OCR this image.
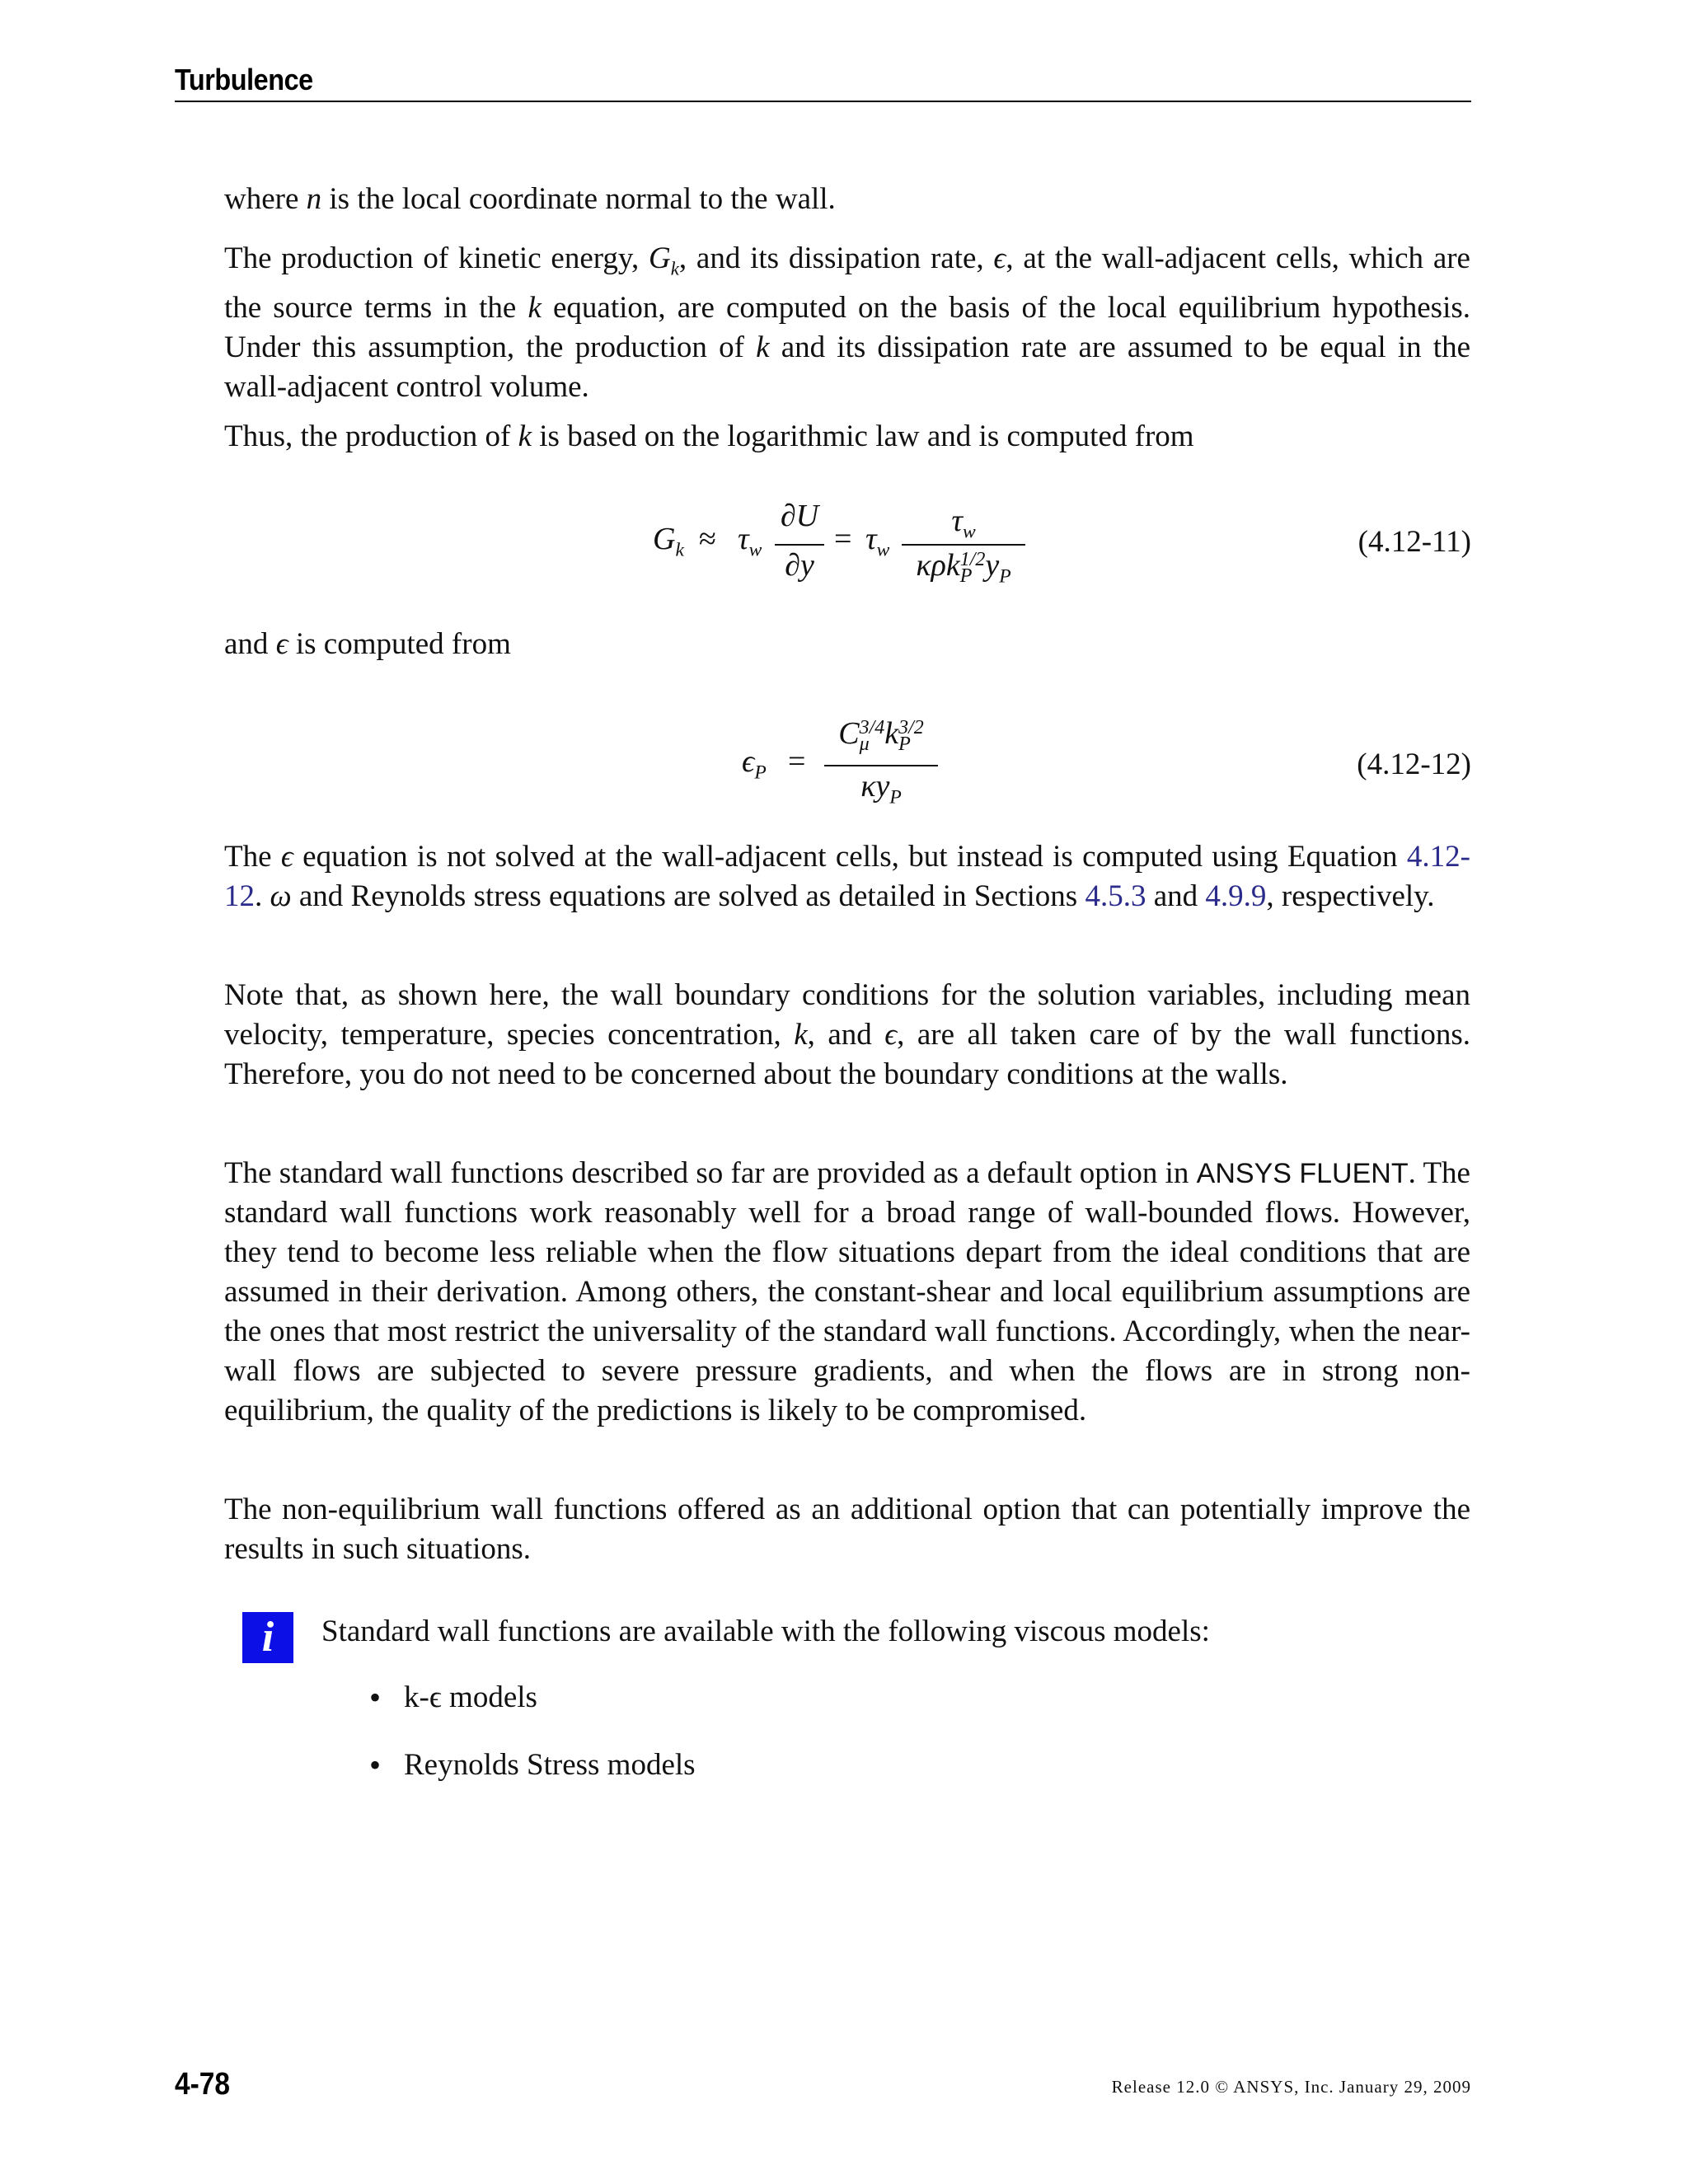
Turbulence

where n is the local coordinate normal to the wall.

The production of kinetic energy, $G_k$, and its dissipation rate, ϵ, at the wall-adjacent cells, which are the source terms in the k equation, are computed on the basis of the local equilibrium hypothesis. Under this assumption, the production of k and its dissipation rate are assumed to be equal in the wall-adjacent control volume.

Thus, the production of k is based on the logarithmic law and is computed from

$G_k \approx \tau_w$
∂U
∂y
= $\tau_w$
$\tau_w$
κρk 1/2
P $y_P$
(4.12-11)

and ϵ is computed from

$\epsilon_P$ =
C 3/4
μ k 3/2
P
$\kappa y_P$
(4.12-12)

The ϵ equation is not solved at the wall-adjacent cells, but instead is computed using Equation 4.12-12. ω and Reynolds stress equations are solved as detailed in Sections 4.5.3 and 4.9.9, respectively.

Note that, as shown here, the wall boundary conditions for the solution variables, including mean velocity, temperature, species concentration, k, and ϵ, are all taken care of by the wall functions. Therefore, you do not need to be concerned about the boundary conditions at the walls.

The standard wall functions described so far are provided as a default option in ANSYS FLUENT. The standard wall functions work reasonably well for a broad range of wall-bounded flows. However, they tend to become less reliable when the flow situations depart from the ideal conditions that are assumed in their derivation. Among others, the constant-shear and local equilibrium assumptions are the ones that most restrict the universality of the standard wall functions. Accordingly, when the near-wall flows are subjected to severe pressure gradients, and when the flows are in strong non-equilibrium, the quality of the predictions is likely to be compromised.

The non-equilibrium wall functions offered as an additional option that can potentially improve the results in such situations.

i	Standard wall functions are available with the following viscous models:
• k-ϵ models
• Reynolds Stress models
4-78	Release 12.0 © ANSYS, Inc. January 29, 2009
